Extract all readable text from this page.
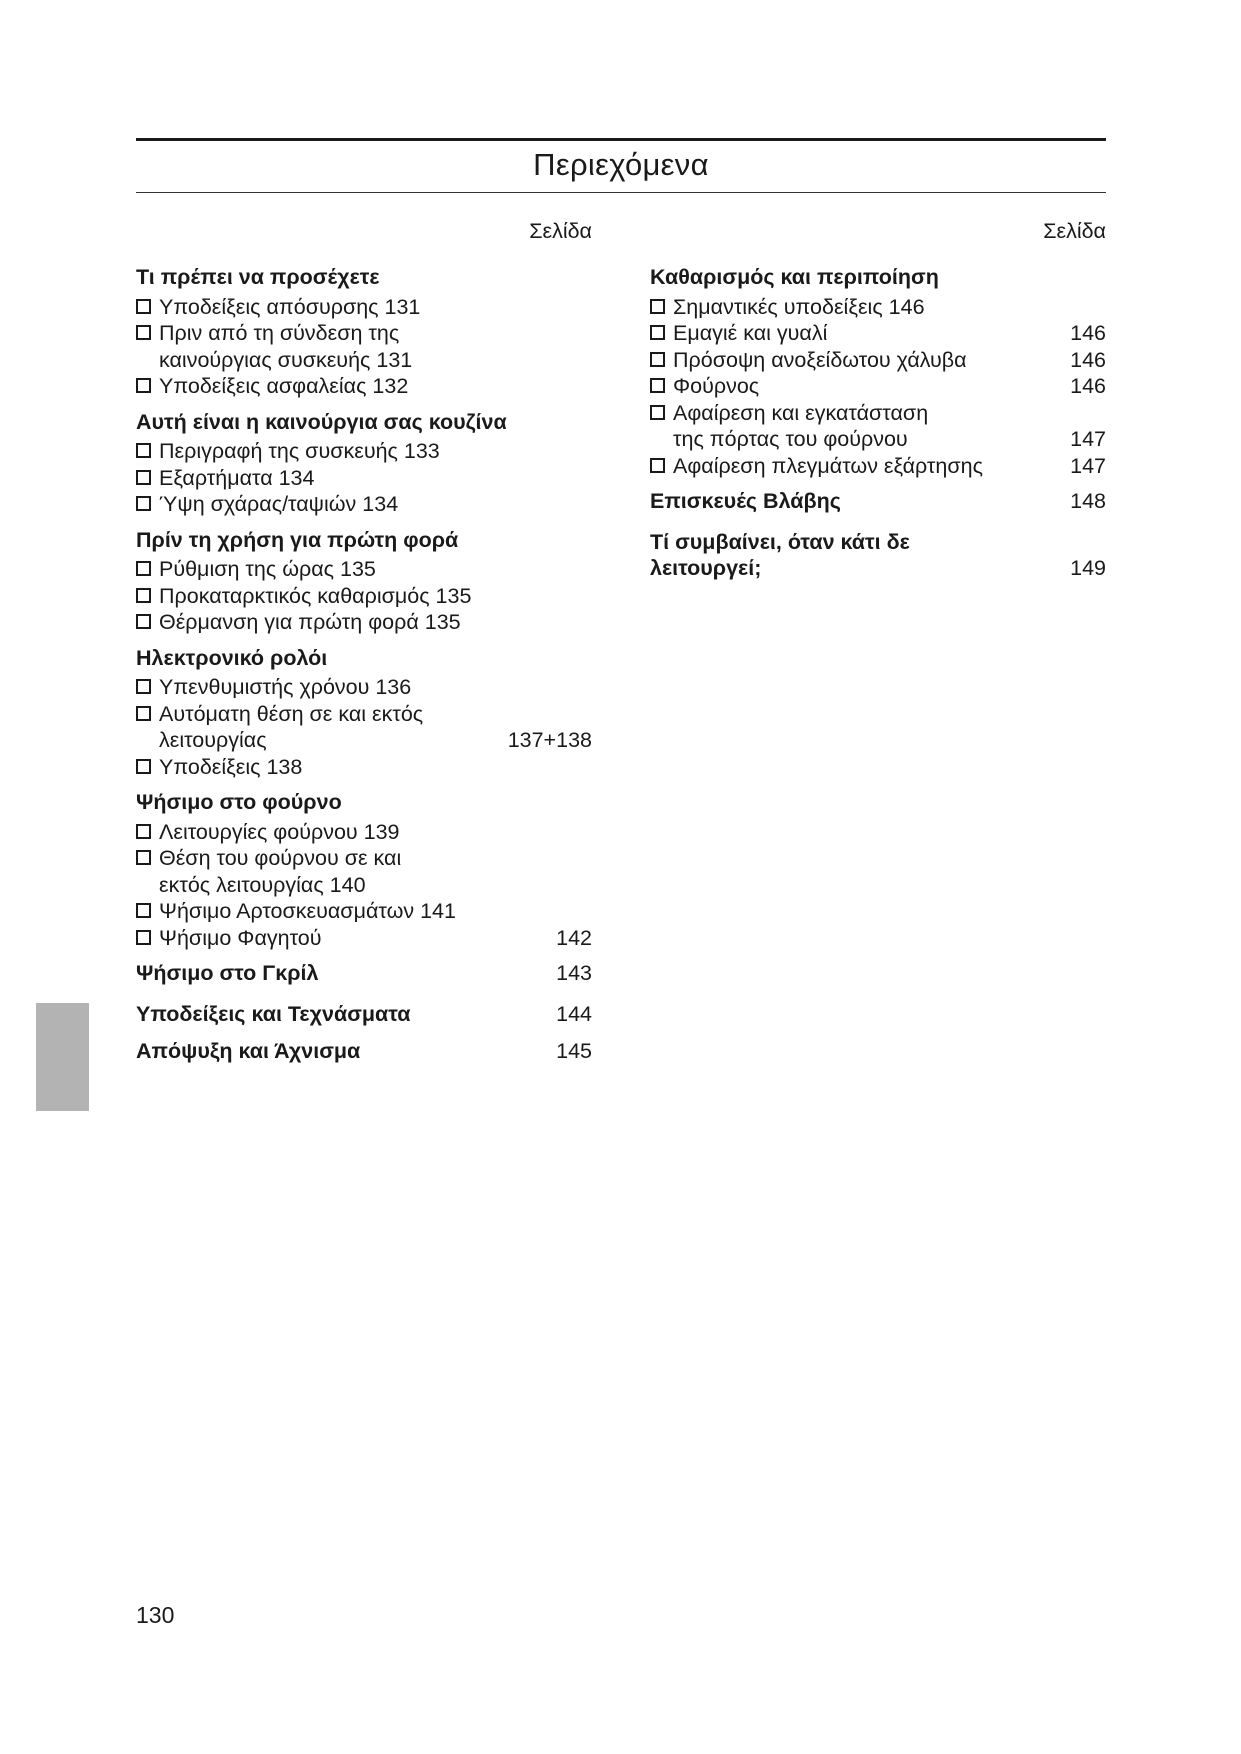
Περιεχόμενα
Σελίδα
Τι πρέπει να προσέχετε
Υποδείξεις απόσυρσης 131
Πριν από τη σύνδεση της
καινούργιας συσκευής 131
Υποδείξεις ασφαλείας 132
Αυτή είναι η καινούργια σας κουζίνα
Περιγραφή της συσκευής 133
Εξαρτήματα 134
Ύψη σχάρας/ταψιών 134
Πρίν τη χρήση για πρώτη φορά
Ρύθμιση της ώρας 135
Προκαταρκτικός καθαρισμός 135
Θέρμανση για πρώτη φορά 135
Ηλεκτρονικό ρολόι
Υπενθυμιστής χρόνου 136
Αυτόματη θέση σε και εκτός
λειτουργίας	137+138
Υποδείξεις 138
Ψήσιμο στο φούρνο
Λειτουργίες φούρνου 139
Θέση του φούρνου σε και
εκτός λειτουργίας 140
Ψήσιμο Αρτοσκευασμάτων 141
Ψήσιμο Φαγητού	142
Ψήσιμο στο Γκρίλ	143
Υποδείξεις και Τεχνάσματα	144
Απόψυξη και Άχνισμα	145
Σελίδα
Καθαρισμός και περιποίηση
Σημαντικές υποδείξεις 146
Εμαγιέ και γυαλί	146
Πρόσοψη ανοξείδωτου χάλυβα	146
Φούρνος	146
Αφαίρεση και εγκατάσταση
της πόρτας του φούρνου	147
Αφαίρεση πλεγμάτων εξάρτησης	147
Επισκευές Βλάβης	148
Τί συμβαίνει, όταν κάτι δε
λειτουργεί;	149
130
